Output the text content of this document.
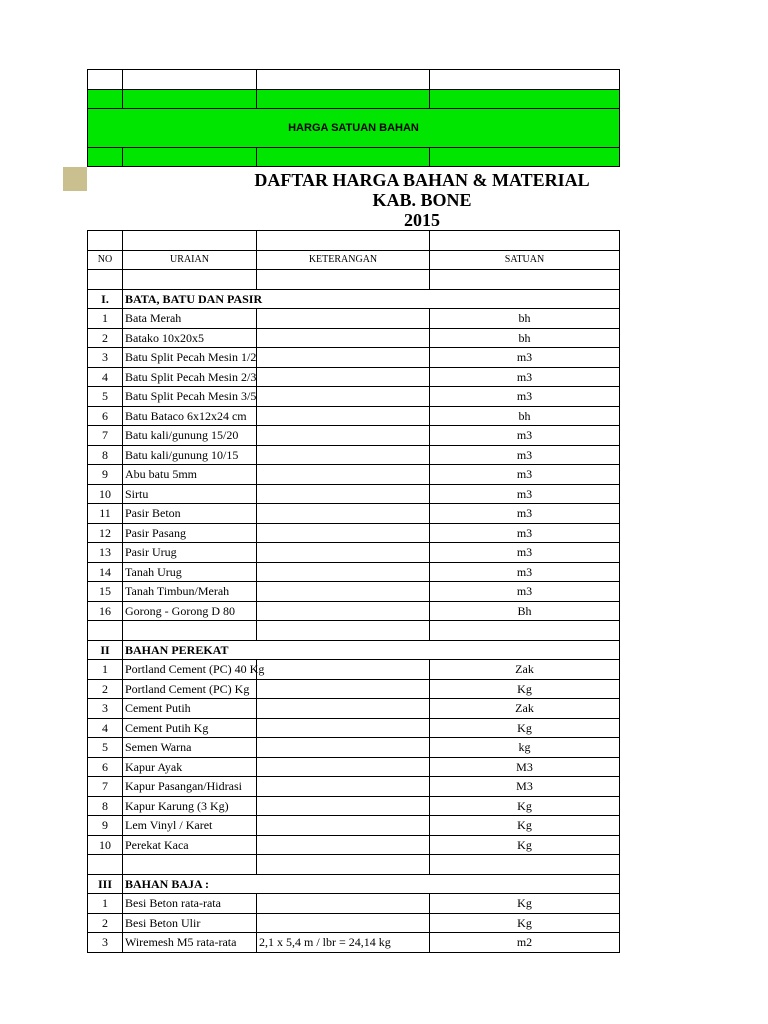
HARGA SATUAN BAHAN			

DAFTAR HARGA BAHAN & MATERIAL
KAB. BONE
2015

NO	URAIAN	KETERANGAN	SATUAN

I.	BATA, BATU DAN PASIR		
1	Bata Merah		bh
2	Batako 10x20x5		bh
3	Batu Split Pecah Mesin 1/2		m3
4	Batu Split Pecah Mesin 2/3		m3
5	Batu Split Pecah Mesin 3/5		m3
6	Batu Bataco 6x12x24 cm		bh
7	Batu kali/gunung 15/20		m3
8	Batu kali/gunung 10/15		m3
9	Abu batu 5mm		m3
10	Sirtu		m3
11	Pasir Beton		m3
12	Pasir Pasang		m3
13	Pasir Urug		m3
14	Tanah Urug		m3
15	Tanah Timbun/Merah		m3
16	Gorong - Gorong D 80		Bh

II	BAHAN PEREKAT		
1	Portland Cement (PC) 40 Kg		Zak
2	Portland Cement (PC) Kg		Kg
3	Cement Putih		Zak
4	Cement Putih Kg		Kg
5	Semen Warna		kg
6	Kapur Ayak		M3
7	Kapur Pasangan/Hidrasi		M3
8	Kapur Karung (3 Kg)		Kg
9	Lem Vinyl / Karet		Kg
10	Perekat Kaca		Kg

III	BAHAN BAJA :		
1	Besi Beton rata-rata		Kg
2	Besi Beton Ulir		Kg
3	Wiremesh M5 rata-rata	2,1 x 5,4 m / lbr = 24,14 kg	m2
